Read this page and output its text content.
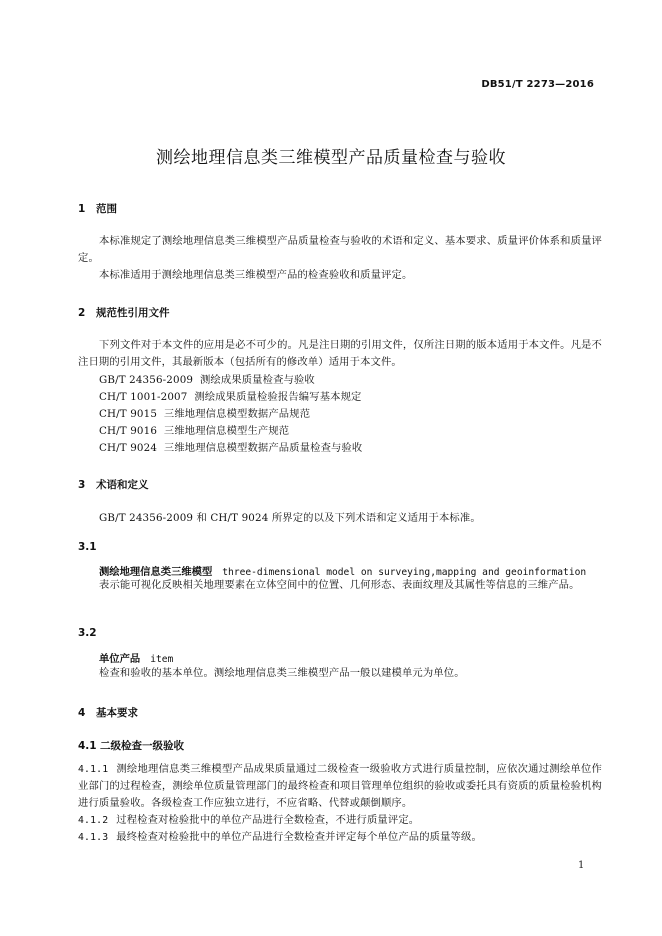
DB51/T 2273—2016
测绘地理信息类三维模型产品质量检查与验收
1 范围
本标准规定了测绘地理信息类三维模型产品质量检查与验收的术语和定义、基本要求、质量评价体系和质量评定。
本标准适用于测绘地理信息类三维模型产品的检查验收和质量评定。
2 规范性引用文件
下列文件对于本文件的应用是必不可少的。凡是注日期的引用文件，仅所注日期的版本适用于本文件。凡是不注日期的引用文件，其最新版本（包括所有的修改单）适用于本文件。
GB/T 24356-2009 测绘成果质量检查与验收
CH/T 1001-2007 测绘成果质量检验报告编写基本规定
CH/T 9015 三维地理信息模型数据产品规范
CH/T 9016 三维地理信息模型生产规范
CH/T 9024 三维地理信息模型数据产品质量检查与验收
3 术语和定义
GB/T 24356-2009 和 CH/T 9024 所界定的以及下列术语和定义适用于本标准。
3.1
测绘地理信息类三维模型 three-dimensional model on surveying,mapping and geoinformation
表示能可视化反映相关地理要素在立体空间中的位置、几何形态、表面纹理及其属性等信息的三维产品。
3.2
单位产品 item
检查和验收的基本单位。测绘地理信息类三维模型产品一般以建模单元为单位。
4 基本要求
4.1 二级检查一级验收
4.1.1 测绘地理信息类三维模型产品成果质量通过二级检查一级验收方式进行质量控制，应依次通过测绘单位作业部门的过程检查，测绘单位质量管理部门的最终检查和项目管理单位组织的验收或委托具有资质的质量检验机构进行质量验收。各级检查工作应独立进行，不应省略、代替或颠倒顺序。
4.1.2 过程检查对检验批中的单位产品进行全数检查，不进行质量评定。
4.1.3 最终检查对检验批中的单位产品进行全数检查并评定每个单位产品的质量等级。
1
